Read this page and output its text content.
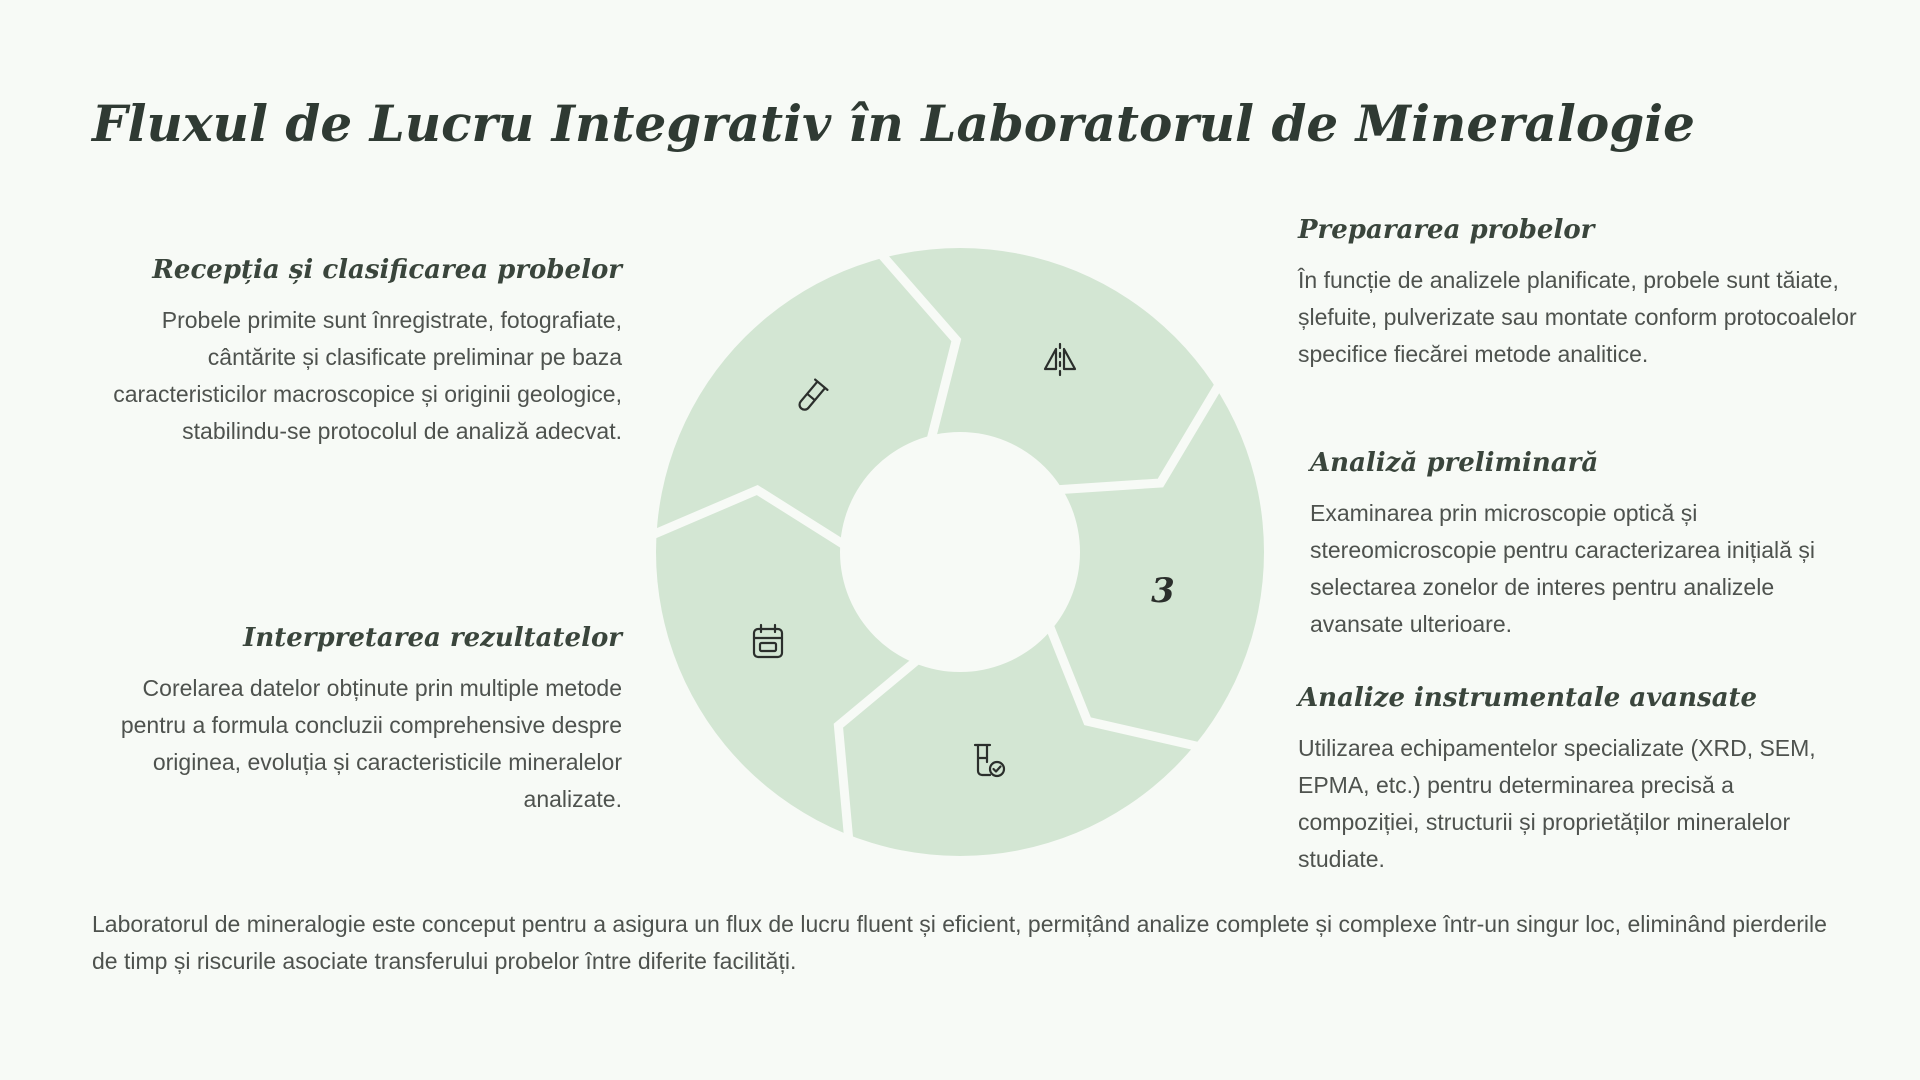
Fluxul de Lucru Integrativ în Laboratorul de Mineralogie
Recepția și clasificarea probelor

Probele primite sunt înregistrate, fotografiate, cântărite și clasificate preliminar pe baza caracteristicilor macroscopice și originii geologice, stabilindu-se protocolul de analiză adecvat.

Interpretarea rezultatelor

Corelarea datelor obținute prin multiple metode pentru a formula concluzii comprehensive despre originea, evoluția și caracteristicile mineralelor analizate.

Prepararea probelor

În funcție de analizele planificate, probele sunt tăiate, șlefuite, pulverizate sau montate conform protocoalelor specifice fiecărei metode analitice.

Analiză preliminară

Examinarea prin microscopie optică și stereomicroscopie pentru caracterizarea inițială și selectarea zonelor de interes pentru analizele avansate ulterioare.

Analize instrumentale avansate

Utilizarea echipamentelor specializate (XRD, SEM, EPMA, etc.) pentru determinarea precisă a compoziției, structurii și proprietăților mineralelor studiate.

3

Laboratorul de mineralogie este conceput pentru a asigura un flux de lucru fluent și eficient, permițând analize complete și complexe într-un singur loc, eliminând pierderile de timp și riscurile asociate transferului probelor între diferite facilități.
